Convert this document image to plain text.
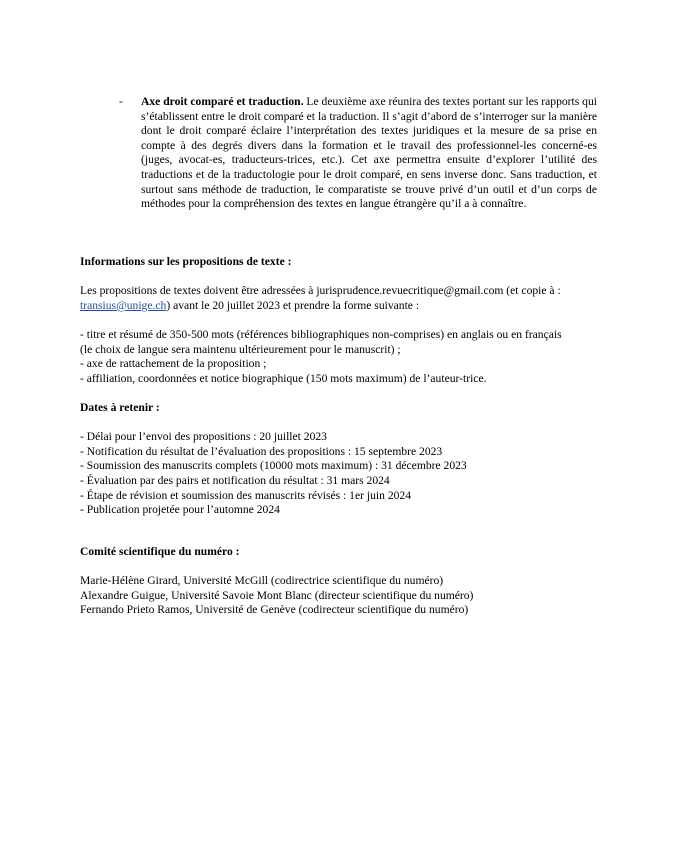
- Axe droit comparé et traduction. Le deuxième axe réunira des textes portant sur les rapports qui s’établissent entre le droit comparé et la traduction. Il s’agit d’abord de s’interroger sur la manière dont le droit comparé éclaire l’interprétation des textes juridiques et la mesure de sa prise en compte à des degrés divers dans la formation et le travail des professionnel-les concerné-es (juges, avocat-es, traducteurs-trices, etc.). Cet axe permettra ensuite d’explorer l’utilité des traductions et de la traductologie pour le droit comparé, en sens inverse donc. Sans traduction, et surtout sans méthode de traduction, le comparatiste se trouve privé d’un outil et d’un corps de méthodes pour la compréhension des textes en langue étrangère qu’il a à connaître.

Informations sur les propositions de texte :

Les propositions de textes doivent être adressées à jurisprudence.revuecritique@gmail.com (et copie à :
transius@unige.ch) avant le 20 juillet 2023 et prendre la forme suivante :

- titre et résumé de 350-500 mots (références bibliographiques non-comprises) en anglais ou en français

(le choix de langue sera maintenu ultérieurement pour le manuscrit) ;

- axe de rattachement de la proposition ;

- affiliation, coordonnées et notice biographique (150 mots maximum) de l’auteur-trice.

Dates à retenir :

- Délai pour l’envoi des propositions : 20 juillet 2023

- Notification du résultat de l’évaluation des propositions : 15 septembre 2023

- Soumission des manuscrits complets (10000 mots maximum) : 31 décembre 2023

- Évaluation par des pairs et notification du résultat : 31 mars 2024

- Étape de révision et soumission des manuscrits révisés : 1er juin 2024

- Publication projetée pour l’automne 2024

Comité scientifique du numéro :

Marie-Hélène Girard, Université McGill (codirectrice scientifique du numéro)

Alexandre Guigue, Université Savoie Mont Blanc (directeur scientifique du numéro)

Fernando Prieto Ramos, Université de Genève (codirecteur scientifique du numéro)
